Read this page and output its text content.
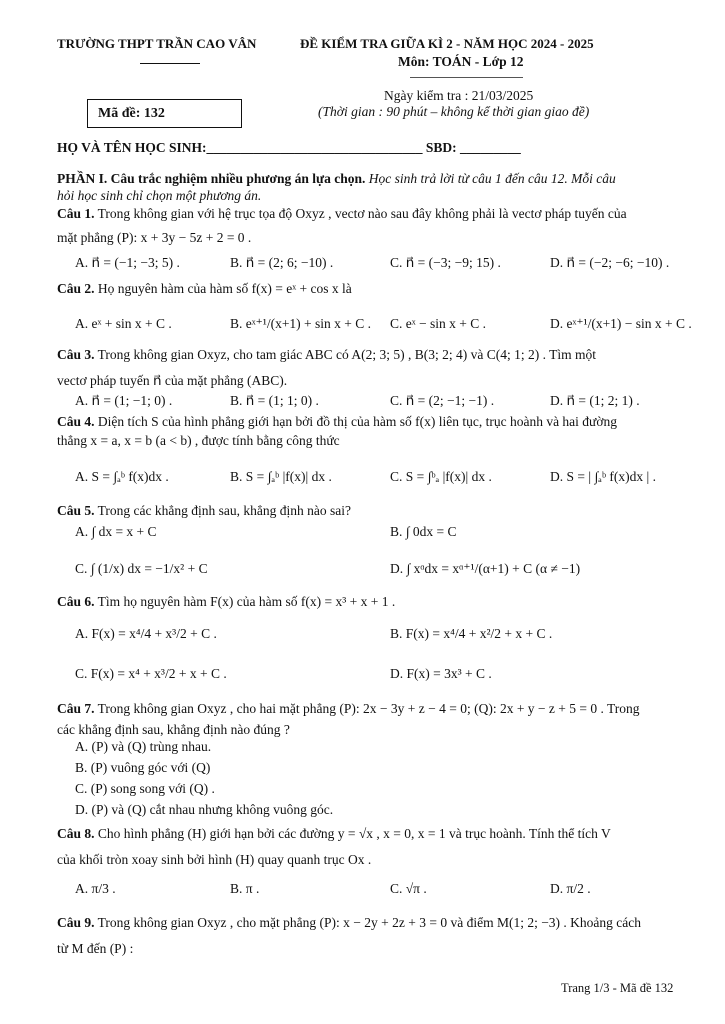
TRƯỜNG THPT TRẦN CAO VÂN	ĐỀ KIỂM TRA GIỮA KÌ 2 - NĂM HỌC 2024 - 2025
Môn: TOÁN - Lớp 12
Ngày kiểm tra : 21/03/2025
(Thời gian : 90 phút – không kể thời gian giao đề)
Mã đề: 132
HỌ VÀ TÊN HỌC SINH:________________________________ SBD: _________
PHẦN I. Câu trắc nghiệm nhiều phương án lựa chọn. Học sinh trả lời từ câu 1 đến câu 12. Mỗi câu
hỏi học sinh chỉ chọn một phương án.
Câu 1. Trong không gian với hệ trục tọa độ Oxyz , vectơ nào sau đây không phải là vectơ pháp tuyến của
mặt phẳng (P): x + 3y − 5z + 2 = 0 .
A. n⃗ = (−1; −3; 5) .	B. n⃗ = (2; 6; −10) .	C. n⃗ = (−3; −9; 15) .	D. n⃗ = (−2; −6; −10) .
Câu 2. Họ nguyên hàm của hàm số f(x) = eˣ + cos x là
A. eˣ + sin x + C .	B. eˣ⁺¹/(x+1) + sin x + C . C. eˣ − sin x + C .	D. eˣ⁺¹/(x+1) − sin x + C .
Câu 3. Trong không gian Oxyz, cho tam giác ABC có A(2; 3; 5) , B(3; 2; 4) và C(4; 1; 2) . Tìm một
vectơ pháp tuyến n⃗ của mặt phẳng (ABC).
A. n⃗ = (1; −1; 0) .	B. n⃗ = (1; 1; 0) .	C. n⃗ = (2; −1; −1) .	D. n⃗ = (1; 2; 1) .
Câu 4. Diện tích S của hình phẳng giới hạn bởi đồ thị của hàm số f(x) liên tục, trục hoành và hai đường
thẳng x = a, x = b (a < b) , được tính bằng công thức
A. S = ∫ₐᵇ f(x)dx .	B. S = ∫ₐᵇ |f(x)| dx .	C. S = ∫ᵇₐ |f(x)| dx .	D. S = | ∫ₐᵇ f(x)dx | .
Câu 5. Trong các khẳng định sau, khẳng định nào sai?
A. ∫ dx = x + C	B. ∫ 0dx = C
C. ∫ (1/x) dx = −1/x² + C	D. ∫ xᵅdx = xᵅ⁺¹/(α+1) + C (α ≠ −1)
Câu 6. Tìm họ nguyên hàm F(x) của hàm số f(x) = x³ + x + 1 .
A. F(x) = x⁴/4 + x³/2 + C .	B. F(x) = x⁴/4 + x²/2 + x + C .
C. F(x) = x⁴ + x³/2 + x + C .	D. F(x) = 3x³ + C .
Câu 7. Trong không gian Oxyz , cho hai mặt phẳng (P): 2x − 3y + z − 4 = 0; (Q): 2x + y − z + 5 = 0 . Trong
các khẳng định sau, khẳng định nào đúng ?
A. (P) và (Q) trùng nhau.
B. (P) vuông góc với (Q)
C. (P) song song với (Q) .
D. (P) và (Q) cắt nhau nhưng không vuông góc.
Câu 8. Cho hình phẳng (H) giới hạn bởi các đường y = √x , x = 0, x = 1 và trục hoành. Tính thể tích V
của khối tròn xoay sinh bởi hình (H) quay quanh trục Ox .
A. π/3 .	B. π .	C. √π .	D. π/2 .
Câu 9. Trong không gian Oxyz , cho mặt phẳng (P): x − 2y + 2z + 3 = 0 và điểm M(1; 2; −3) . Khoảng cách
từ M đến (P) :
Trang 1/3 - Mã đề 132
